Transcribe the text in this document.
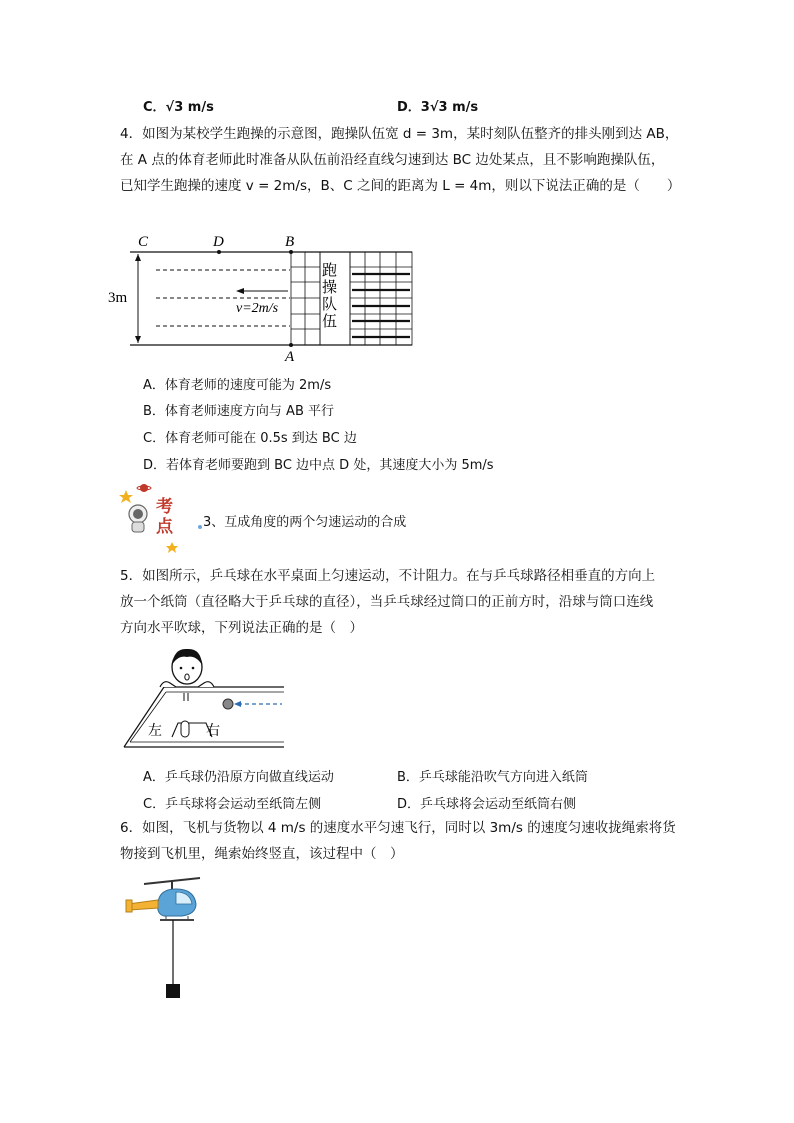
C．√3 m/s	D．3√3 m/s
4．如图为某校学生跑操的示意图，跑操队伍宽 d = 3m，某时刻队伍整齐的排头刚到达 AB，
在 A 点的体育老师此时准备从队伍前沿经直线匀速到达 BC 边处某点，且不影响跑操队伍，
已知学生跑操的速度 v = 2m/s，B、C 之间的距离为 L = 4m，则以下说法正确的是（　　）
C	D	B
A
3m
v=2m/s	跑操队伍
A．体育老师的速度可能为 2m/s
B．体育老师速度方向与 AB 平行
C．体育老师可能在 0.5s 到达 BC 边
D．若体育老师要跑到 BC 边中点 D 处，其速度大小为 5m/s
考
点 3、互成角度的两个匀速运动的合成
5．如图所示，乒乓球在水平桌面上匀速运动，不计阻力。在与乒乓球路径相垂直的方向上
放一个纸筒（直径略大于乒乓球的直径），当乒乓球经过筒口的正前方时，沿球与筒口连线
方向水平吹球，下列说法正确的是（　）
左	右
A．乒乓球仍沿原方向做直线运动	B．乒乓球能沿吹气方向进入纸筒
C．乒乓球将会运动至纸筒左侧	D．乒乓球将会运动至纸筒右侧
6．如图，飞机与货物以 4 m/s 的速度水平匀速飞行，同时以 3m/s 的速度匀速收拢绳索将货
物接到飞机里，绳索始终竖直，该过程中（　）
